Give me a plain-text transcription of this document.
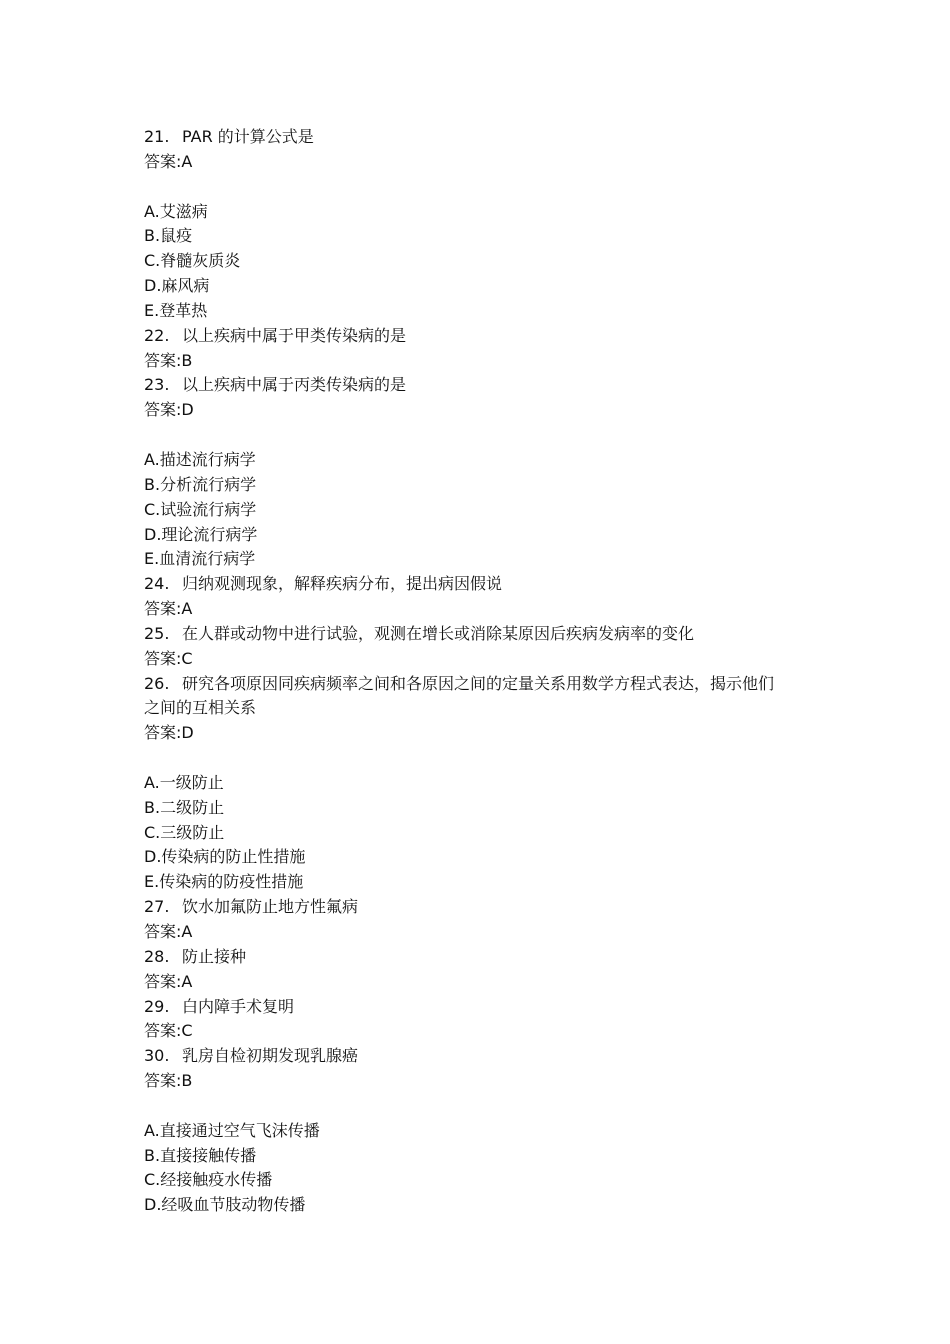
21. PAR 的计算公式是
答案:A
A.艾滋病
B.鼠疫
C.脊髓灰质炎
D.麻风病
E.登革热
22. 以上疾病中属于甲类传染病的是
答案:B
23. 以上疾病中属于丙类传染病的是
答案:D
A.描述流行病学
B.分析流行病学
C.试验流行病学
D.理论流行病学
E.血清流行病学
24. 归纳观测现象，解释疾病分布，提出病因假说
答案:A
25. 在人群或动物中进行试验，观测在增长或消除某原因后疾病发病率的变化
答案:C
26. 研究各项原因同疾病频率之间和各原因之间的定量关系用数学方程式表达，揭示他们
之间的互相关系
答案:D
A.一级防止
B.二级防止
C.三级防止
D.传染病的防止性措施
E.传染病的防疫性措施
27. 饮水加氟防止地方性氟病
答案:A
28. 防止接种
答案:A
29. 白内障手术复明
答案:C
30. 乳房自检初期发现乳腺癌
答案:B
A.直接通过空气飞沫传播
B.直接接触传播
C.经接触疫水传播
D.经吸血节肢动物传播
